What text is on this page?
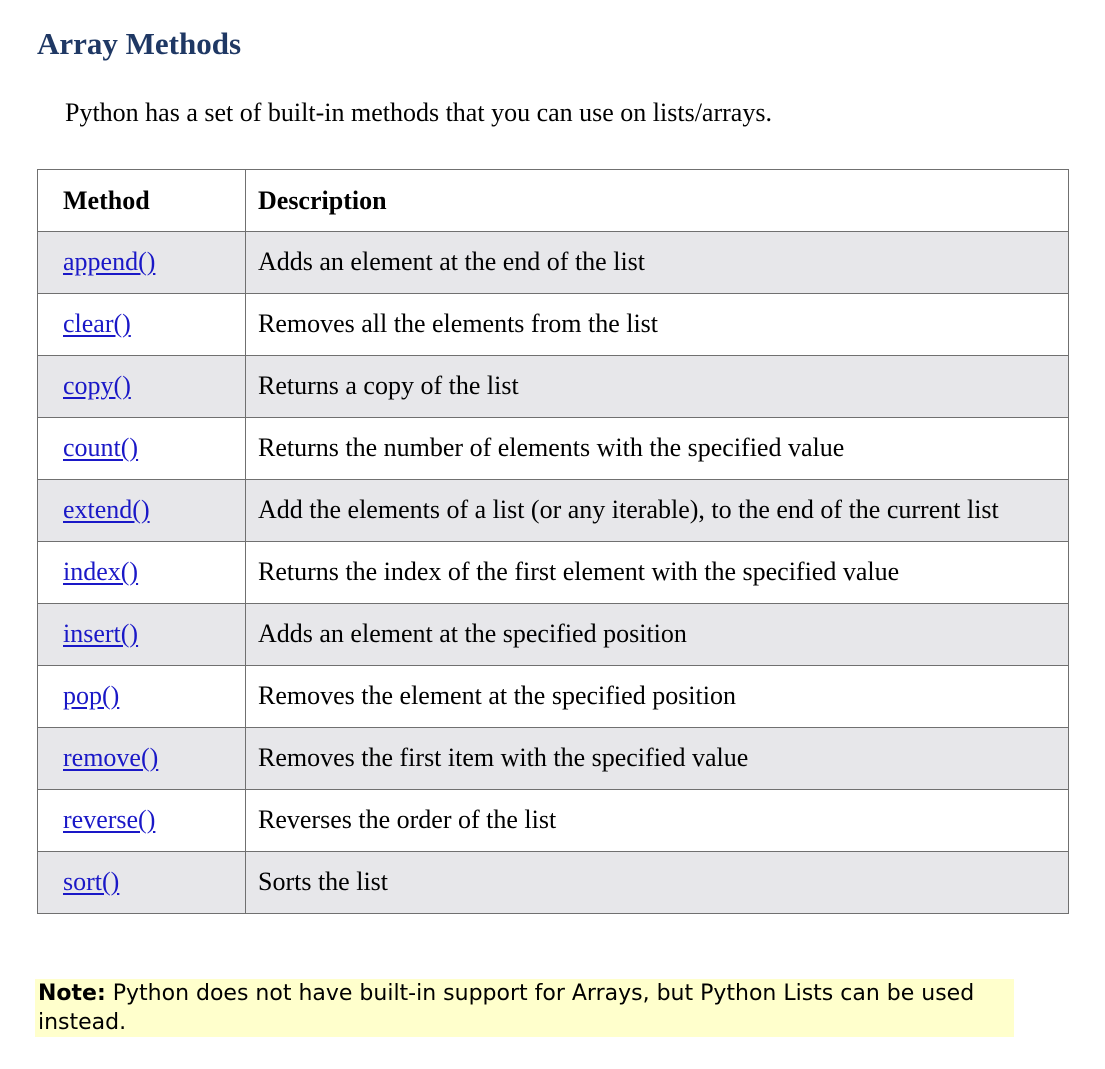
Array Methods

Python has a set of built-in methods that you can use on lists/arrays.

Method	Description
append()	Adds an element at the end of the list
clear()	Removes all the elements from the list
copy()	Returns a copy of the list
count()	Returns the number of elements with the specified value
extend()	Add the elements of a list (or any iterable), to the end of the current list
index()	Returns the index of the first element with the specified value
insert()	Adds an element at the specified position
pop()	Removes the element at the specified position
remove()	Removes the first item with the specified value
reverse()	Reverses the order of the list
sort()	Sorts the list
Note: Python does not have built-in support for Arrays, but Python Lists can be used instead.
